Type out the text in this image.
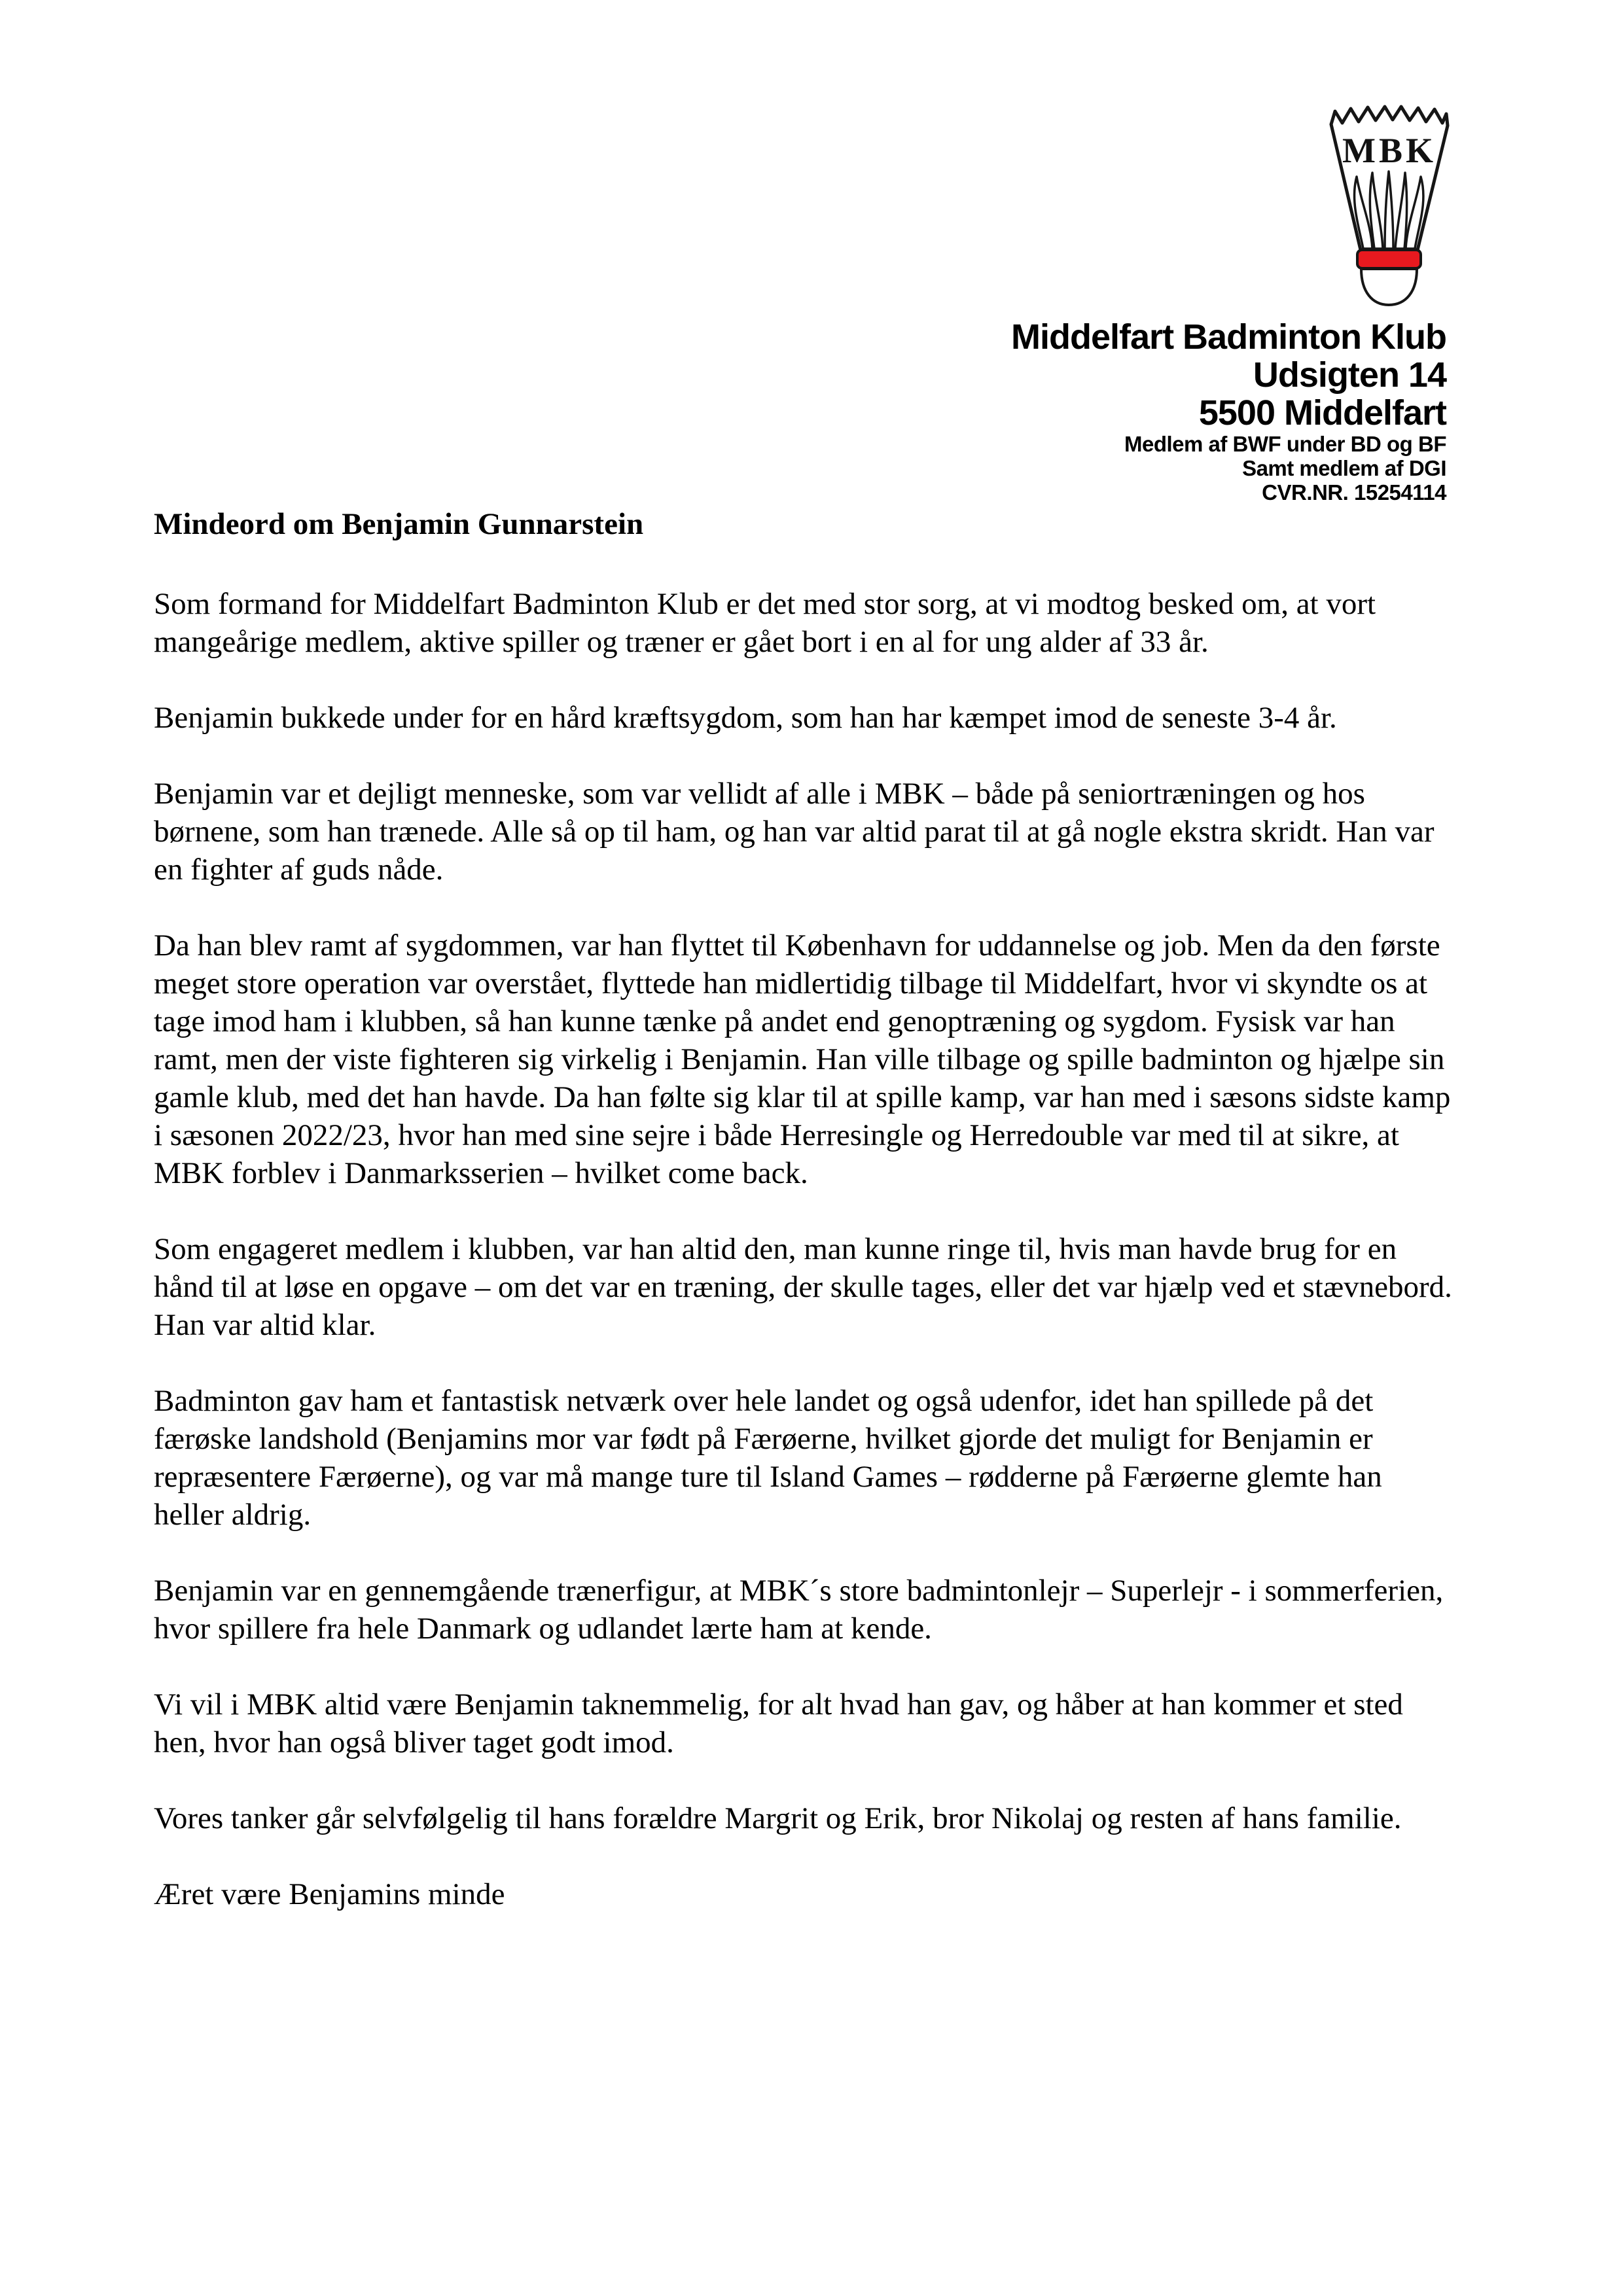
MBK
Middelfart Badminton Klub
Udsigten 14
5500 Middelfart
Medlem af BWF under BD og BF
Samt medlem af DGI
CVR.NR. 15254114
Mindeord om Benjamin Gunnarstein

Som formand for Middelfart Badminton Klub er det med stor sorg, at vi modtog besked om, at vort mangeårige medlem, aktive spiller og træner er gået bort i en al for ung alder af 33 år.

Benjamin bukkede under for en hård kræftsygdom, som han har kæmpet imod de seneste 3-4 år.

Benjamin var et dejligt menneske, som var vellidt af alle i MBK – både på seniortræningen og hos børnene, som han trænede. Alle så op til ham, og han var altid parat til at gå nogle ekstra skridt. Han var en fighter af guds nåde.

Da han blev ramt af sygdommen, var han flyttet til København for uddannelse og job. Men da den første meget store operation var overstået, flyttede han midlertidig tilbage til Middelfart, hvor vi skyndte os at tage imod ham i klubben, så han kunne tænke på andet end genoptræning og sygdom. Fysisk var han ramt, men der viste fighteren sig virkelig i Benjamin. Han ville tilbage og spille badminton og hjælpe sin gamle klub, med det han havde. Da han følte sig klar til at spille kamp, var han med i sæsons sidste kamp i sæsonen 2022/23, hvor han med sine sejre i både Herresingle og Herredouble var med til at sikre, at MBK forblev i Danmarksserien – hvilket come back.

Som engageret medlem i klubben, var han altid den, man kunne ringe til, hvis man havde brug for en hånd til at løse en opgave – om det var en træning, der skulle tages, eller det var hjælp ved et stævnebord. Han var altid klar.

Badminton gav ham et fantastisk netværk over hele landet og også udenfor, idet han spillede på det færøske landshold (Benjamins mor var født på Færøerne, hvilket gjorde det muligt for Benjamin er repræsentere Færøerne), og var må mange ture til Island Games – rødderne på Færøerne glemte han heller aldrig.

Benjamin var en gennemgående trænerfigur, at MBK´s store badmintonlejr – Superlejr - i sommerferien, hvor spillere fra hele Danmark og udlandet lærte ham at kende.

Vi vil i MBK altid være Benjamin taknemmelig, for alt hvad han gav, og håber at han kommer et sted hen, hvor han også bliver taget godt imod.

Vores tanker går selvfølgelig til hans forældre Margrit og Erik, bror Nikolaj og resten af hans familie.

Æret være Benjamins minde
